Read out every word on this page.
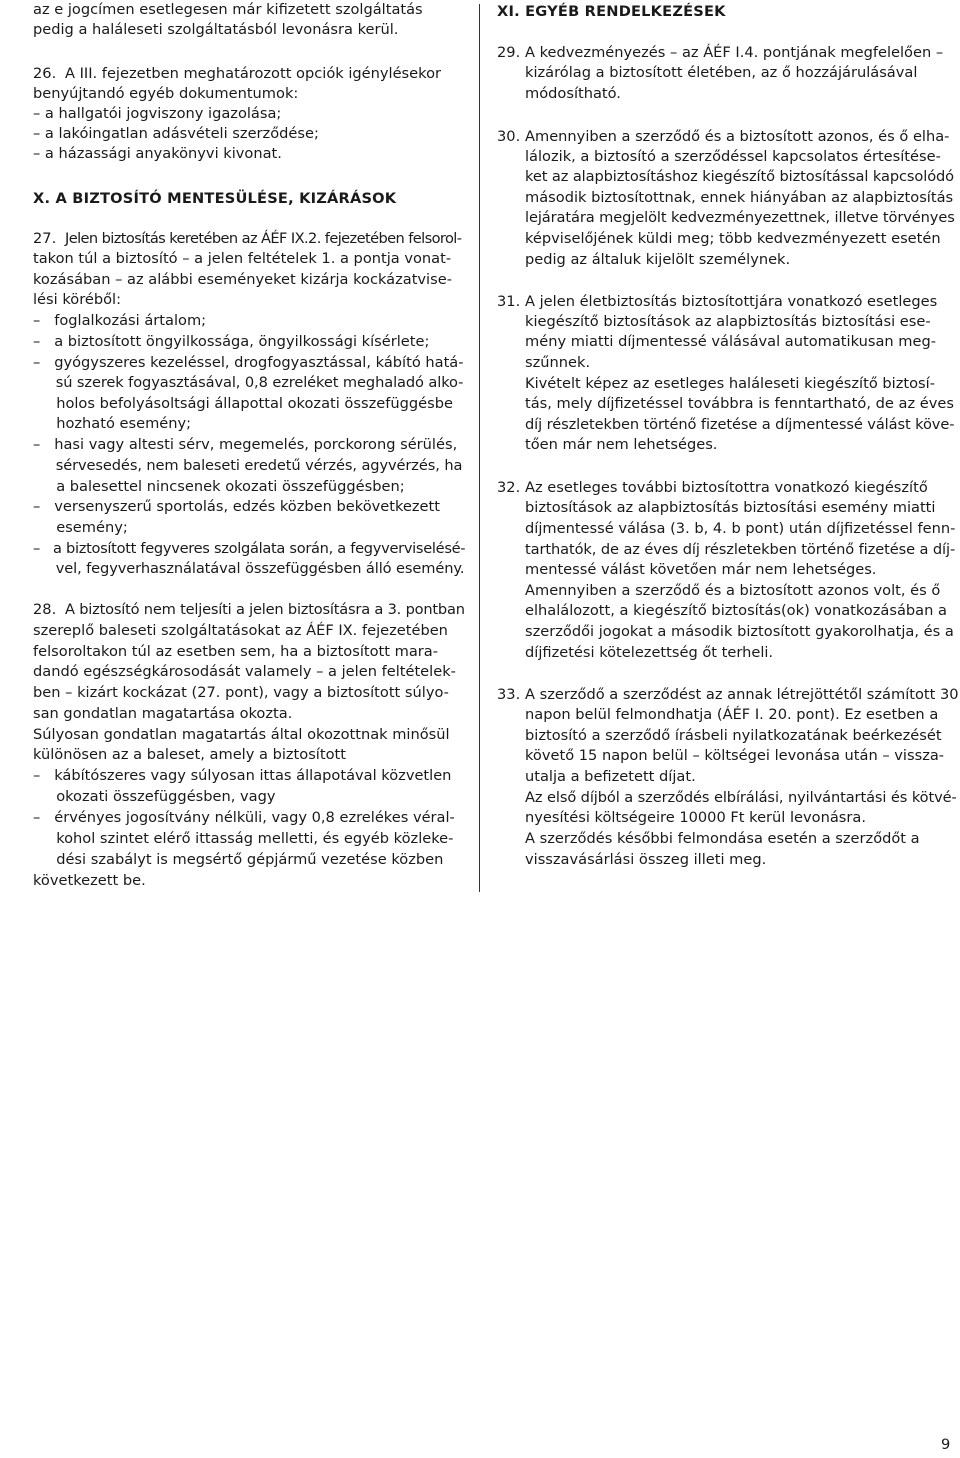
az e jogcímen esetlegesen már kifizetett szolgáltatás
pedig a haláleseti szolgáltatásból levonásra kerül.
26. A III. fejezetben meghatározott opciók igénylésekor
benyújtandó egyéb dokumentumok:
– a hallgatói jogviszony igazolása;
– a lakóingatlan adásvételi szerződése;
– a házassági anyakönyvi kivonat.
X. A BIZTOSÍTÓ MENTESÜLÉSE, KIZÁRÁSOK
27. Jelen biztosítás keretében az ÁÉF IX.2. fejezetében felsorol-
takon túl a biztosító – a jelen feltételek 1. a pontja vonat-
kozásában – az alábbi eseményeket kizárja kockázatvise-
lési köréből:
–   foglalkozási ártalom;
–   a biztosított öngyilkossága, öngyilkossági kísérlete;
–   gyógyszeres kezeléssel, drogfogyasztással, kábító hatá-
sú szerek fogyasztásával, 0,8 ezreléket meghaladó alko-
holos befolyásoltsági állapottal okozati összefüggésbe
hozható esemény;
–   hasi vagy altesti sérv, megemelés, porckorong sérülés,
sérvesedés, nem baleseti eredetű vérzés, agyvérzés, ha
a balesettel nincsenek okozati összefüggésben;
–   versenyszerű sportolás, edzés közben bekövetkezett
esemény;
–   a biztosított fegyveres szolgálata során, a fegyverviselésé-
vel, fegyverhasználatával összefüggésben álló esemény.
28. A biztosító nem teljesíti a jelen biztosításra a 3. pontban
szereplő baleseti szolgáltatásokat az ÁÉF IX. fejezetében
felsoroltakon túl az esetben sem, ha a biztosított mara-
dandó egészségkárosodását valamely – a jelen feltételek-
ben – kizárt kockázat (27. pont), vagy a biztosított súlyo-
san gondatlan magatartása okozta.
Súlyosan gondatlan magatartás által okozottnak minősül
különösen az a baleset, amely a biztosított
–   kábítószeres vagy súlyosan ittas állapotával közvetlen
okozati összefüggésben, vagy
–   érvényes jogosítvány nélküli, vagy 0,8 ezrelékes véral-
kohol szintet elérő ittasság melletti, és egyéb közleke-
dési szabályt is megsértő gépjármű vezetése közben
következett be.
XI. EGYÉB RENDELKEZÉSEK
29. A kedvezményezés – az ÁÉF I.4. pontjának megfelelően –
kizárólag a biztosított életében, az ő hozzájárulásával
módosítható.
30. Amennyiben a szerződő és a biztosított azonos, és ő elha-
lálozik, a biztosító a szerződéssel kapcsolatos értesítése-
ket az alapbiztosításhoz kiegészítő biztosítással kapcsolódó
második biztosítottnak, ennek hiányában az alapbiztosítás
lejáratára megjelölt kedvezményezettnek, illetve törvényes
képviselőjének küldi meg; több kedvezményezett esetén
pedig az általuk kijelölt személynek.
31. A jelen életbiztosítás biztosítottjára vonatkozó esetleges
kiegészítő biztosítások az alapbiztosítás biztosítási ese-
mény miatti díjmentessé válásával automatikusan meg-
szűnnek.
Kivételt képez az esetleges haláleseti kiegészítő biztosí-
tás, mely díjfizetéssel továbbra is fenntartható, de az éves
díj részletekben történő fizetése a díjmentessé válást köve-
tően már nem lehetséges.
32. Az esetleges további biztosítottra vonatkozó kiegészítő
biztosítások az alapbiztosítás biztosítási esemény miatti
díjmentessé válása (3. b, 4. b pont) után díjfizetéssel fenn-
tarthatók, de az éves díj részletekben történő fizetése a díj-
mentessé válást követően már nem lehetséges.
Amennyiben a szerződő és a biztosított azonos volt, és ő
elhalálozott, a kiegészítő biztosítás(ok) vonatkozásában a
szerződői jogokat a második biztosított gyakorolhatja, és a
díjfizetési kötelezettség őt terheli.
33. A szerződő a szerződést az annak létrejöttétől számított 30
napon belül felmondhatja (ÁÉF I. 20. pont). Ez esetben a
biztosító a szerződő írásbeli nyilatkozatának beérkezését
követő 15 napon belül – költségei levonása után – vissza-
utalja a befizetett díjat.
Az első díjból a szerződés elbírálási, nyilvántartási és kötvé-
nyesítési költségeire 10000 Ft kerül levonásra.
A szerződés későbbi felmondása esetén a szerződőt a
visszavásárlási összeg illeti meg.
9
